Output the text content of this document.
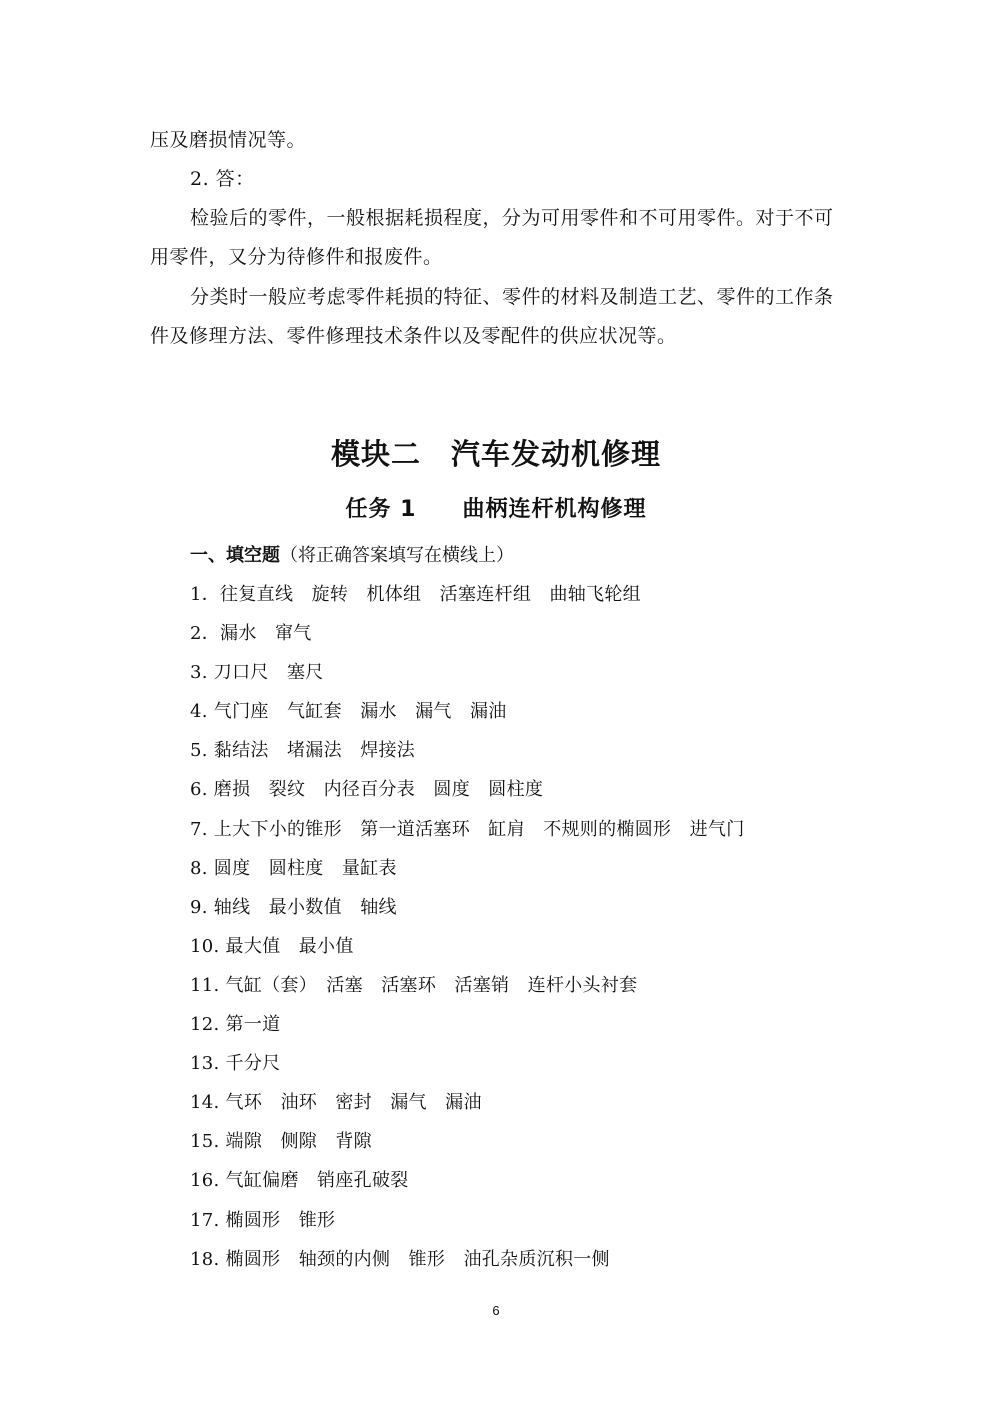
压及磨损情况等。

2. 答：

检验后的零件，一般根据耗损程度，分为可用零件和不可用零件。对于不可
用零件，又分为待修件和报废件。

分类时一般应考虑零件耗损的特征、零件的材料及制造工艺、零件的工作条
件及修理方法、零件修理技术条件以及零配件的供应状况等。

模块二　汽车发动机修理
任务 1　　曲柄连杆机构修理
一、填空题（将正确答案填写在横线上）
1．往复直线　旋转　机体组　活塞连杆组　曲轴飞轮组
2．漏水　窜气
3. 刀口尺　塞尺
4. 气门座　气缸套　漏水　漏气　漏油
5. 黏结法　堵漏法　焊接法
6. 磨损　裂纹　内径百分表　圆度　圆柱度
7. 上大下小的锥形　第一道活塞环　缸肩　不规则的椭圆形　进气门
8. 圆度　圆柱度　量缸表
9. 轴线　最小数值　轴线
10. 最大值　最小值
11. 气缸（套）　活塞　活塞环　活塞销　连杆小头衬套
12. 第一道
13. 千分尺
14. 气环　油环　密封　漏气　漏油
15. 端隙　侧隙　背隙
16. 气缸偏磨　销座孔破裂
17. 椭圆形　锥形
18. 椭圆形　轴颈的内侧　锥形　油孔杂质沉积一侧
6
